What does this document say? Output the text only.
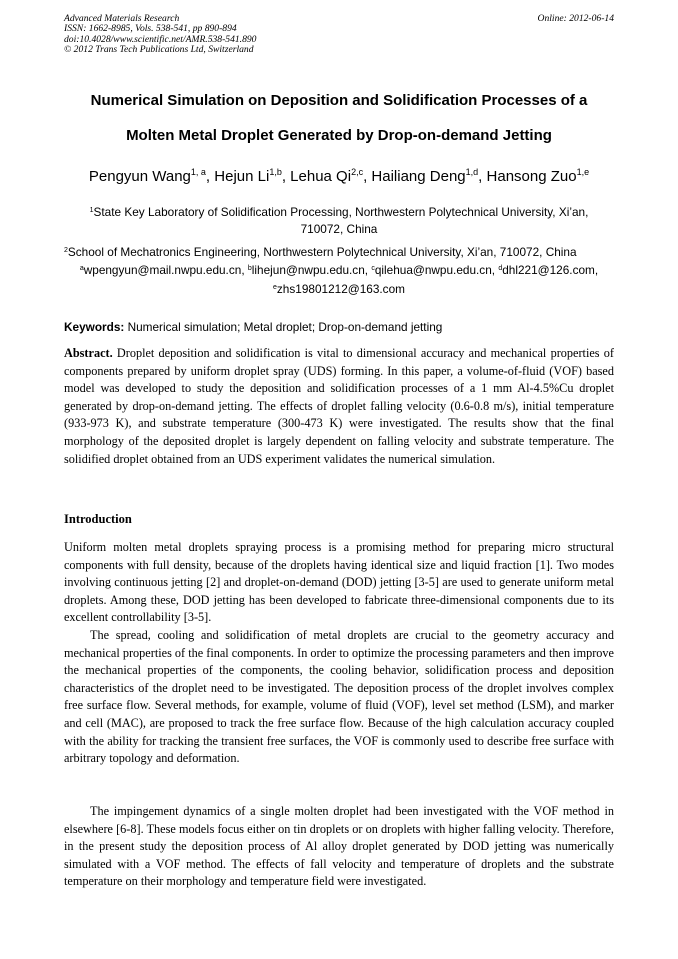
Advanced Materials Research
ISSN: 1662-8985, Vols. 538-541, pp 890-894
doi:10.4028/www.scientific.net/AMR.538-541.890
© 2012 Trans Tech Publications Ltd, Switzerland
Online: 2012-06-14
Numerical Simulation on Deposition and Solidification Processes of a
Molten Metal Droplet Generated by Drop-on-demand Jetting
Pengyun Wang$^{1, a}$, Hejun Li$^{1,b}$, Lehua Qi$^{2,c}$, Hailiang Deng$^{1,d}$, Hansong Zuo$^{1,e}$
$^1$State Key Laboratory of Solidification Processing, Northwestern Polytechnical University, Xi’an,
710072, China
$^2$School of Mechatronics Engineering, Northwestern Polytechnical University, Xi’an, 710072, China
$^a$wpengyun@mail.nwpu.edu.cn, $^b$lihejun@nwpu.edu.cn, $^c$qilehua@nwpu.edu.cn, $^d$dhl221@126.com,
$^e$zhs19801212@163.com
Keywords: Numerical simulation; Metal droplet; Drop-on-demand jetting

Abstract. Droplet deposition and solidification is vital to dimensional accuracy and mechanical properties of components prepared by uniform droplet spray (UDS) forming. In this paper, a volume-of-fluid (VOF) based model was developed to study the deposition and solidification processes of a 1 mm Al-4.5%Cu droplet generated by drop-on-demand jetting. The effects of droplet falling velocity (0.6-0.8 m/s), initial temperature (933-973 K), and substrate temperature (300-473 K) were investigated. The results show that the final morphology of the deposited droplet is largely dependent on falling velocity and substrate temperature. The solidified droplet obtained from an UDS experiment validates the numerical simulation.

Introduction

Uniform molten metal droplets spraying process is a promising method for preparing micro structural components with full density, because of the droplets having identical size and liquid fraction [1]. Two modes involving continuous jetting [2] and droplet-on-demand (DOD) jetting [3-5] are used to generate uniform metal droplets. Among these, DOD jetting has been developed to fabricate three-dimensional components due to its excellent controllability [3-5].

The spread, cooling and solidification of metal droplets are crucial to the geometry accuracy and mechanical properties of the final components. In order to optimize the processing parameters and then improve the mechanical properties of the components, the cooling behavior, solidification process and deposition characteristics of the droplet need to be investigated. The deposition process of the droplet involves complex free surface flow. Several methods, for example, volume of fluid (VOF), level set method (LSM), and marker and cell (MAC), are proposed to track the free surface flow. Because of the high calculation accuracy coupled with the ability for tracking the transient free surfaces, the VOF is commonly used to describe free surface with arbitrary topology and deformation.

The impingement dynamics of a single molten droplet had been investigated with the VOF method in elsewhere [6-8]. These models focus either on tin droplets or on droplets with higher falling velocity. Therefore, in the present study the deposition process of Al alloy droplet generated by DOD jetting was numerically simulated with a VOF method. The effects of fall velocity and temperature of droplets and the substrate temperature on their morphology and temperature field were investigated.
